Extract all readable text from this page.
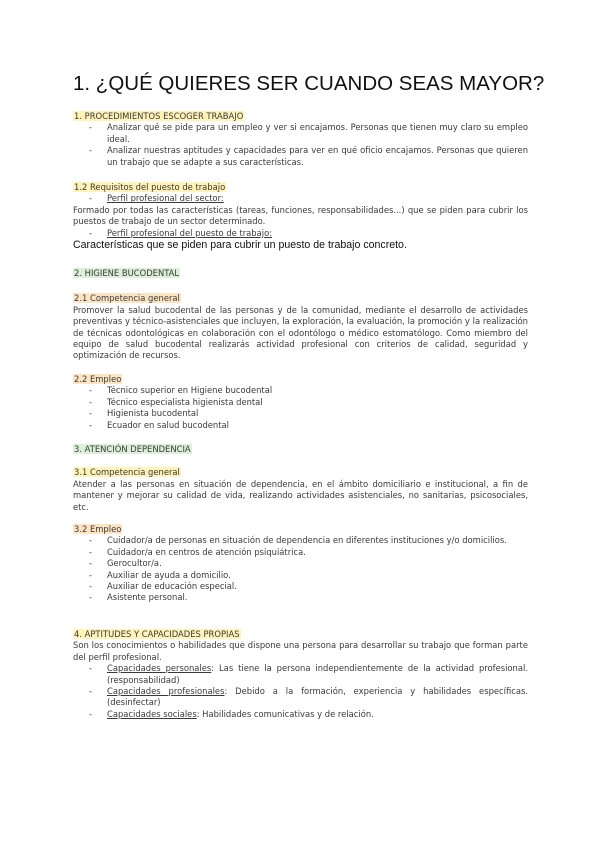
1. ¿QUÉ QUIERES SER CUANDO SEAS MAYOR?
1. PROCEDIMIENTOS ESCOGER TRABAJO
- Analizar qué se pide para un empleo y ver si encajamos. Personas que tienen muy claro su empleo ideal.
- Analizar nuestras aptitudes y capacidades para ver en qué oficio encajamos. Personas que quieren un trabajo que se adapte a sus características.
1.2 Requisitos del puesto de trabajo
- Perfil profesional del sector:

Formado por todas las características (tareas, funciones, responsabilidades...) que se piden para cubrir los puestos de trabajo de un sector determinado.

- Perfil profesional del puesto de trabajo:

Características que se piden para cubrir un puesto de trabajo concreto.

2. HIGIENE BUCODENTAL
2.1 Competencia general

Promover la salud bucodental de las personas y de la comunidad, mediante el desarrollo de actividades preventivas y técnico-asistenciales que incluyen, la exploración, la evaluación, la promoción y la realización de técnicas odontológicas en colaboración con el odontólogo o médico estomatólogo. Como miembro del equipo de salud bucodental realizarás actividad profesional con criterios de calidad, seguridad y optimización de recursos.

2.2 Empleo
- Técnico superior en Higiene bucodental
- Técnico especialista higienista dental
- Higienista bucodental
- Ecuador en salud bucodental
3. ATENCIÓN DEPENDENCIA
3.1 Competencia general

Atender a las personas en situación de dependencia, en el ámbito domiciliario e institucional, a fin de mantener y mejorar su calidad de vida, realizando actividades asistenciales, no sanitarias, psicosociales, etc.

3.2 Empleo
- Cuidador/a de personas en situación de dependencia en diferentes instituciones y/o domicilios.
- Cuidador/a en centros de atención psiquiátrica.
- Gerocultor/a.
- Auxiliar de ayuda a domicilio.
- Auxiliar de educación especial.
- Asistente personal.
4. APTITUDES Y CAPACIDADES PROPIAS

Son los conocimientos o habilidades que dispone una persona para desarrollar su trabajo que forman parte del perfil profesional.

- Capacidades personales: Las tiene la persona independientemente de la actividad profesional. (responsabilidad)
- Capacidades profesionales: Debido a la formación, experiencia y habilidades específicas. (desinfectar)
- Capacidades sociales: Habilidades comunicativas y de relación.
